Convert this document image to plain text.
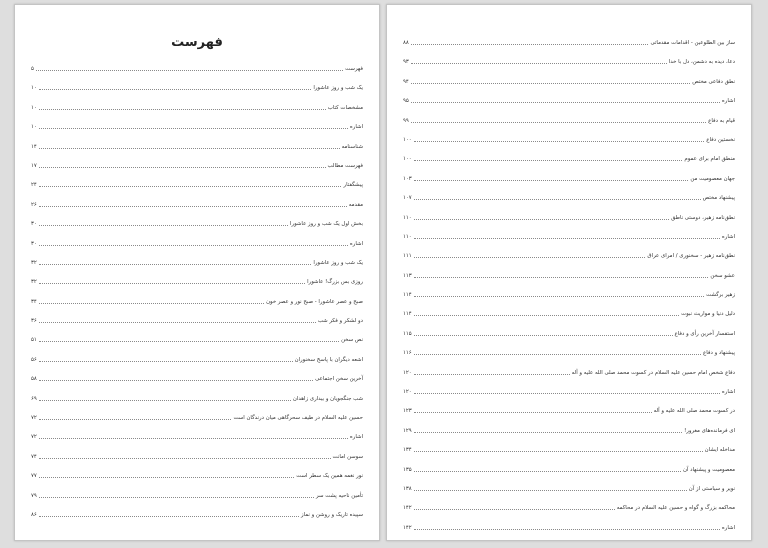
فهرست
فهرست
۵
یک شب و روز عاشورا
۱۰
مشخصات کتاب
۱۰
اشاره
۱۰
شناسنامه
۱۴
فهرست مطالب
۱۷
پیشگفتار
۲۴
مقدمه
۲۶
بخش اول یک شب و روز عاشورا
۳۰
اشاره
۳۰
یک شب و روز عاشورا
۳۲
روزی بس بزرگ! عاشورا
۳۲
صبح و عصر عاشورا - صبح نور و عصر خون
۳۴
دو لشکر و فکر شب
۳۶
نص سخن
۵۱
اشعه دیگران با پاسخ سخنوران
۵۶
آخرین سخن اجتماعی
۵۸
شب جنگجویان و بیداری زاهدان
۶۹
حسین علیه السلام در طیف سحرگاهی میان درندگان است
۷۲
اشاره
۷۲
سوسن امانت
۷۴
نور نغمه همین یک سطر است
۷۷
تأمین ناحیه پشت سر
۷۹
سپیده تاریک و روشن و نماز
۸۶
ساز بین الطلوعین - اقدامات مقدماتی
۸۸
دعا، دیده به دشمن، دل با خدا
۹۳
نطق دفاعی مختص
۹۴
اشاره
۹۵
قیام به دفاع
۹۹
نخستین دفاع
۱۰۰
منطق امام برای عموم
۱۰۰
جهان معصومیت من
۱۰۳
پیشنهاد مختص
۱۰۷
نطق‌نامه زهیر، دوستی ناطق
۱۱۰
اشاره
۱۱۰
نطق‌نامه زهیر - سخنوری / امرای عراق
۱۱۱
عشو سخن
۱۱۳
زهیر برگشت
۱۱۴
دلیل دنیا و مواریث نبوت
۱۱۴
استفسار آخرین رأی و دفاع
۱۱۵
پیشنهاد و دفاع
۱۱۶
دفاع شخص امام حسین علیه السلام در کسوت محمد صلی الله علیه و آله
۱۲۰
اشاره
۱۲۰
در کسوت محمد صلی الله علیه و آله
۱۲۳
ای فرمانده‌های مغرور!
۱۲۹
مداخله ایشان
۱۳۴
معصومیت و پیشنهاد آن
۱۳۵
نویر و سیاستی از آن
۱۳۸
محاکمه بزرگ و گواه و حسین علیه السلام در محاکمه
۱۴۲
اشاره
۱۴۲
